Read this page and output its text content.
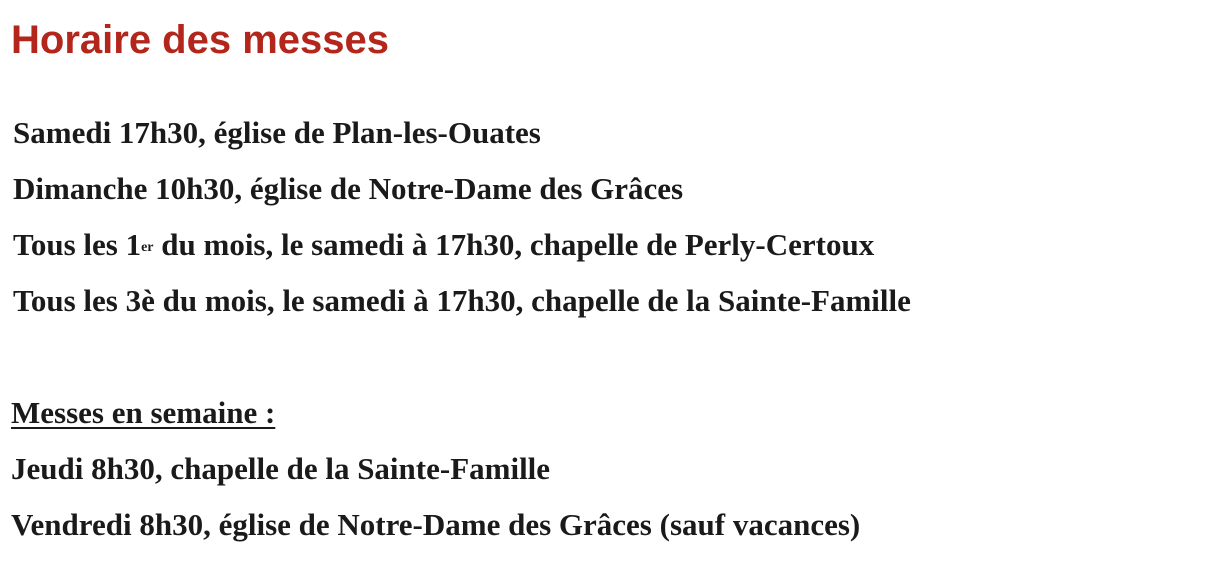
Horaire des messes
Samedi 17h30, église de Plan-les-Ouates
Dimanche 10h30, église de Notre-Dame des Grâces
Tous les 1er du mois, le samedi à 17h30, chapelle de Perly-Certoux
Tous les 3è du mois, le samedi à 17h30, chapelle de la Sainte-Famille
Messes en semaine :
Jeudi 8h30, chapelle de la Sainte-Famille
Vendredi 8h30, église de Notre-Dame des Grâces (sauf vacances)
